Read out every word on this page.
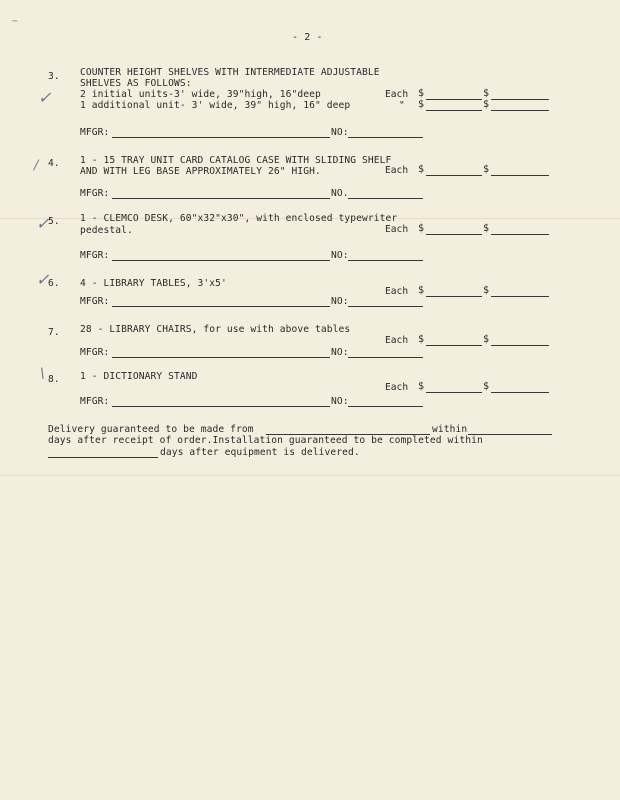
~
- 2 -
✓
3. COUNTER HEIGHT SHELVES WITH INTERMEDIATE ADJUSTABLE
SHELVES AS FOLLOWS:
2 initial units-3' wide, 39"high, 16"deep
1 additional unit- 3' wide, 39" high, 16" deep
Each $	$
" $	$
MFGR:	NO:
/ 4. 1 - 15 TRAY UNIT CARD CATALOG CASE WITH SLIDING SHELF
AND WITH LEG BASE APPROXIMATELY 26" HIGH.	Each $	$
MFGR:	NO.
✓
5. 1 - CLEMCO DESK, 60"x32"x30", with enclosed typewriter
pedestal.	Each $	$
MFGR:	NO:
✓
6. 4 - LIBRARY TABLES, 3'x5'
Each $	$
MFGR:	NO:
7. 28 - LIBRARY CHAIRS, for use with above tables
Each $	$
MFGR:	NO:
\ 8. 1 - DICTIONARY STAND
Each $	$
MFGR:	NO:
Delivery guaranteed to be made from	within
days after receipt of order.Installation guaranteed to be completed within
days after equipment is delivered.
